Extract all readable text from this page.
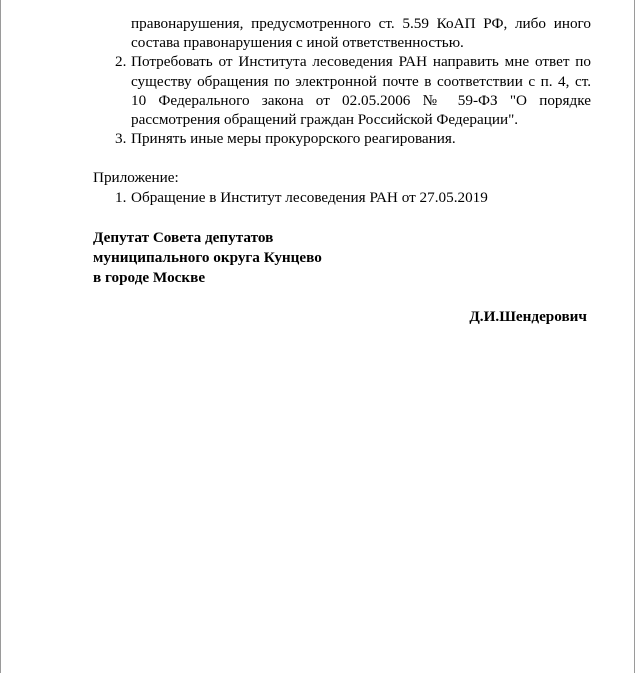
правонарушения, предусмотренного ст. 5.59 КоАП РФ, либо иного
состава правонарушения с иной ответственностью.
2. Потребовать от Института лесоведения РАН направить мне ответ по существу обращения по электронной почте в соответствии с п. 4, ст. 10 Федерального закона от 02.05.2006 № 59-ФЗ "О порядке рассмотрения обращений граждан Российской Федерации".
3. Принять иные меры прокурорского реагирования.
Приложение:
1. Обращение в Институт лесоведения РАН от 27.05.2019
Депутат Совета депутатов
муниципального округа Кунцево
в городе Москве
Д.И.Шендерович
